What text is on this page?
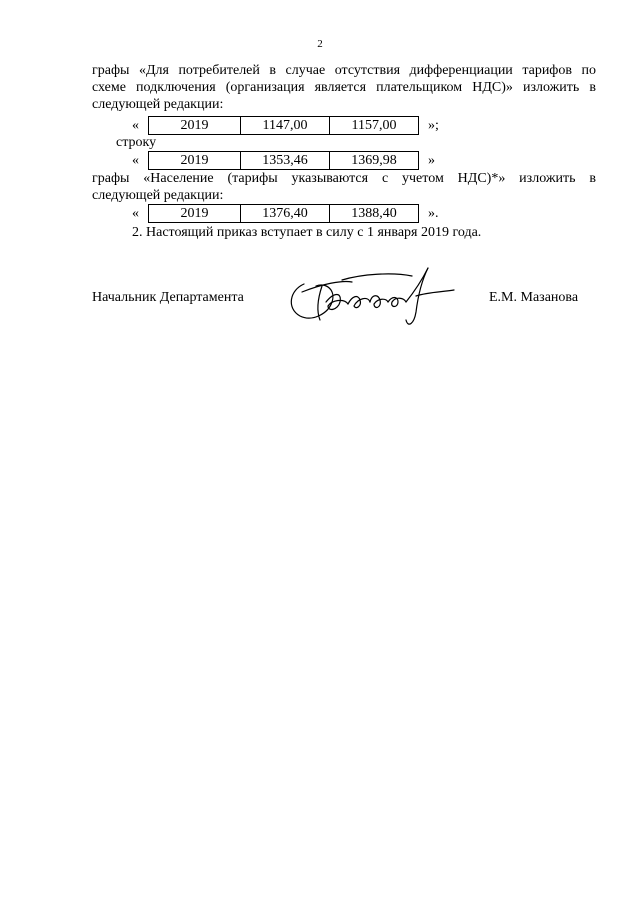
2
графы «Для потребителей в случае отсутствия дифференциации тарифов по
схеме подключения (организация является плательщиком НДС)» изложить в
следующей редакции:
«	2019	1147,00	1157,00	»;
строку
«	2019	1353,46	1369,98	»
графы «Население (тарифы указываются с учетом НДС)*» изложить в
следующей редакции:
«	2019	1376,40	1388,40	».
2. Настоящий приказ вступает в силу с 1 января 2019 года.
Начальник Департамента	Е.М. Мазанова
